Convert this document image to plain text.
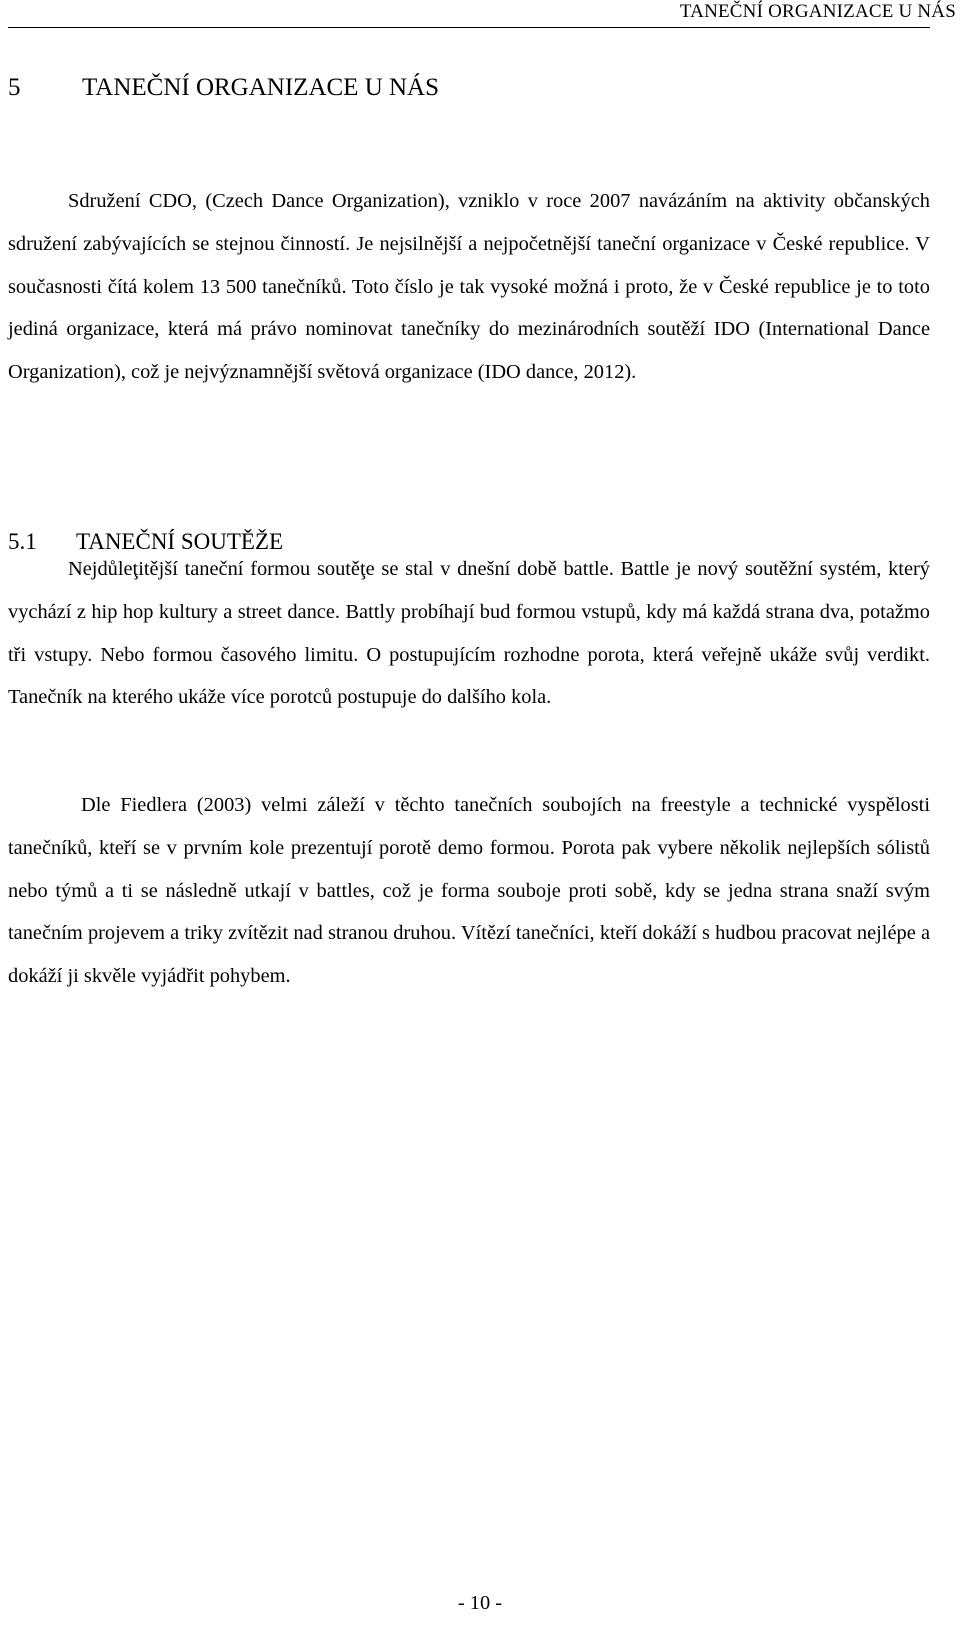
TANEČNÍ ORGANIZACE U NÁS
5 TANEČNÍ ORGANIZACE U NÁS

Sdružení CDO, (Czech Dance Organization), vzniklo v roce 2007 navázáním na aktivity občanských sdružení zabývajících se stejnou činností. Je nejsilnější a nejpočetnější taneční organizace v České republice. V současnosti čítá kolem 13 500 tanečníků. Toto číslo je tak vysoké možná i proto, že v České republice je to toto jediná organizace, která má právo nominovat tanečníky do mezinárodních soutěží IDO (International Dance Organization), což je nejvýznamnější světová organizace (IDO dance, 2012).

5.1 TANEČNÍ SOUTĚŽE

Nejdůleţitější taneční formou soutěţe se stal v dnešní době battle. Battle je nový soutěžní systém, který vychází z hip hop kultury a street dance. Battly probíhají bud formou vstupů, kdy má každá strana dva, potažmo tři vstupy. Nebo formou časového limitu. O postupujícím rozhodne porota, která veřejně ukáže svůj verdikt. Tanečník na kterého ukáže více porotců postupuje do dalšího kola.

Dle Fiedlera (2003) velmi záleží v těchto tanečních soubojích na freestyle a technické vyspělosti tanečníků, kteří se v prvním kole prezentují porotě demo formou. Porota pak vybere několik nejlepších sólistů nebo týmů a ti se následně utkají v battles, což je forma souboje proti sobě, kdy se jedna strana snaží svým tanečním projevem a triky zvítězit nad stranou druhou. Vítězí tanečníci, kteří dokáží s hudbou pracovat nejlépe a dokáží ji skvěle vyjádřit pohybem.

- 10 -
